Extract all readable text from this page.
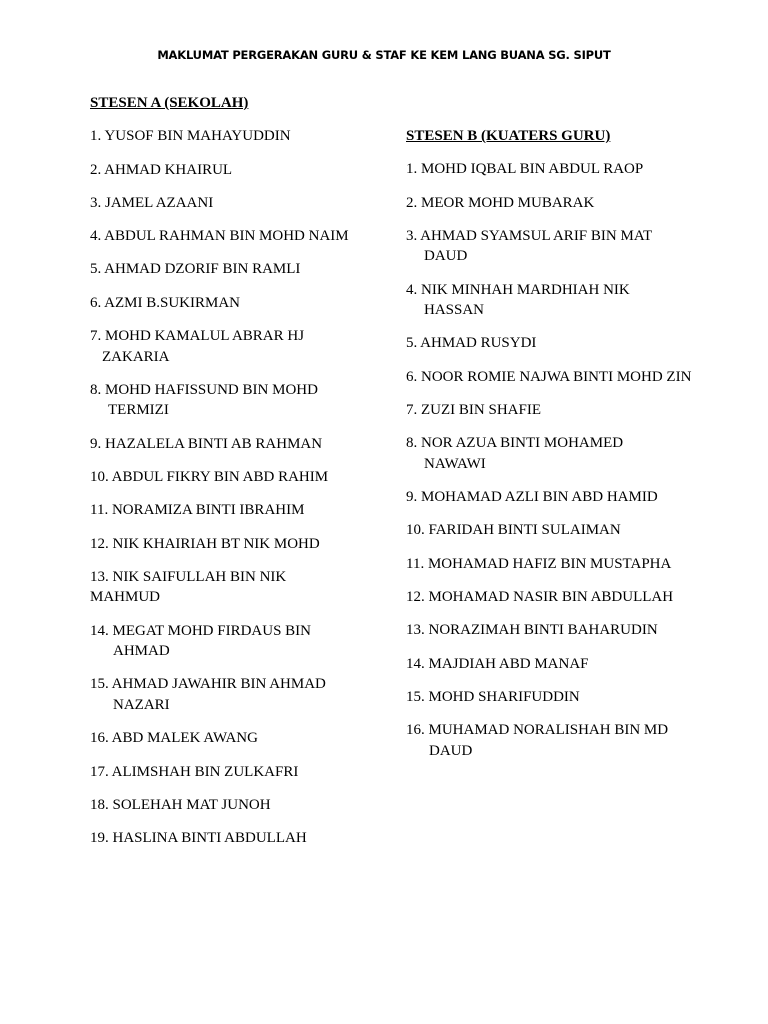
MAKLUMAT PERGERAKAN GURU & STAF KE KEM LANG BUANA SG. SIPUT
STESEN A (SEKOLAH)
1. YUSOF BIN MAHAYUDDIN
2. AHMAD KHAIRUL
3. JAMEL AZAANI
4. ABDUL RAHMAN BIN MOHD NAIM
5. AHMAD DZORIF BIN RAMLI
6. AZMI B.SUKIRMAN
7. MOHD KAMALUL ABRAR HJ ZAKARIA
8. MOHD HAFISSUND BIN MOHD TERMIZI
9. HAZALELA BINTI AB RAHMAN
10. ABDUL FIKRY BIN ABD RAHIM
11. NORAMIZA BINTI IBRAHIM
12. NIK KHAIRIAH BT NIK MOHD
13. NIK SAIFULLAH BIN NIK MAHMUD
14. MEGAT MOHD FIRDAUS BIN AHMAD
15. AHMAD JAWAHIR BIN AHMAD NAZARI
16. ABD MALEK AWANG
17. ALIMSHAH BIN ZULKAFRI
18. SOLEHAH MAT JUNOH
19. HASLINA BINTI ABDULLAH
STESEN B (KUATERS GURU)
1. MOHD IQBAL BIN ABDUL RAOP
2. MEOR MOHD MUBARAK
3. AHMAD SYAMSUL ARIF BIN MAT DAUD
4. NIK MINHAH MARDHIAH NIK HASSAN
5. AHMAD RUSYDI
6. NOOR ROMIE NAJWA BINTI MOHD ZIN
7. ZUZI BIN SHAFIE
8. NOR AZUA BINTI MOHAMED NAWAWI
9. MOHAMAD AZLI BIN ABD HAMID
10. FARIDAH BINTI SULAIMAN
11. MOHAMAD HAFIZ BIN MUSTAPHA
12. MOHAMAD NASIR BIN ABDULLAH
13. NORAZIMAH BINTI BAHARUDIN
14. MAJDIAH ABD MANAF
15. MOHD SHARIFUDDIN
16. MUHAMAD NORALISHAH BIN MD DAUD
